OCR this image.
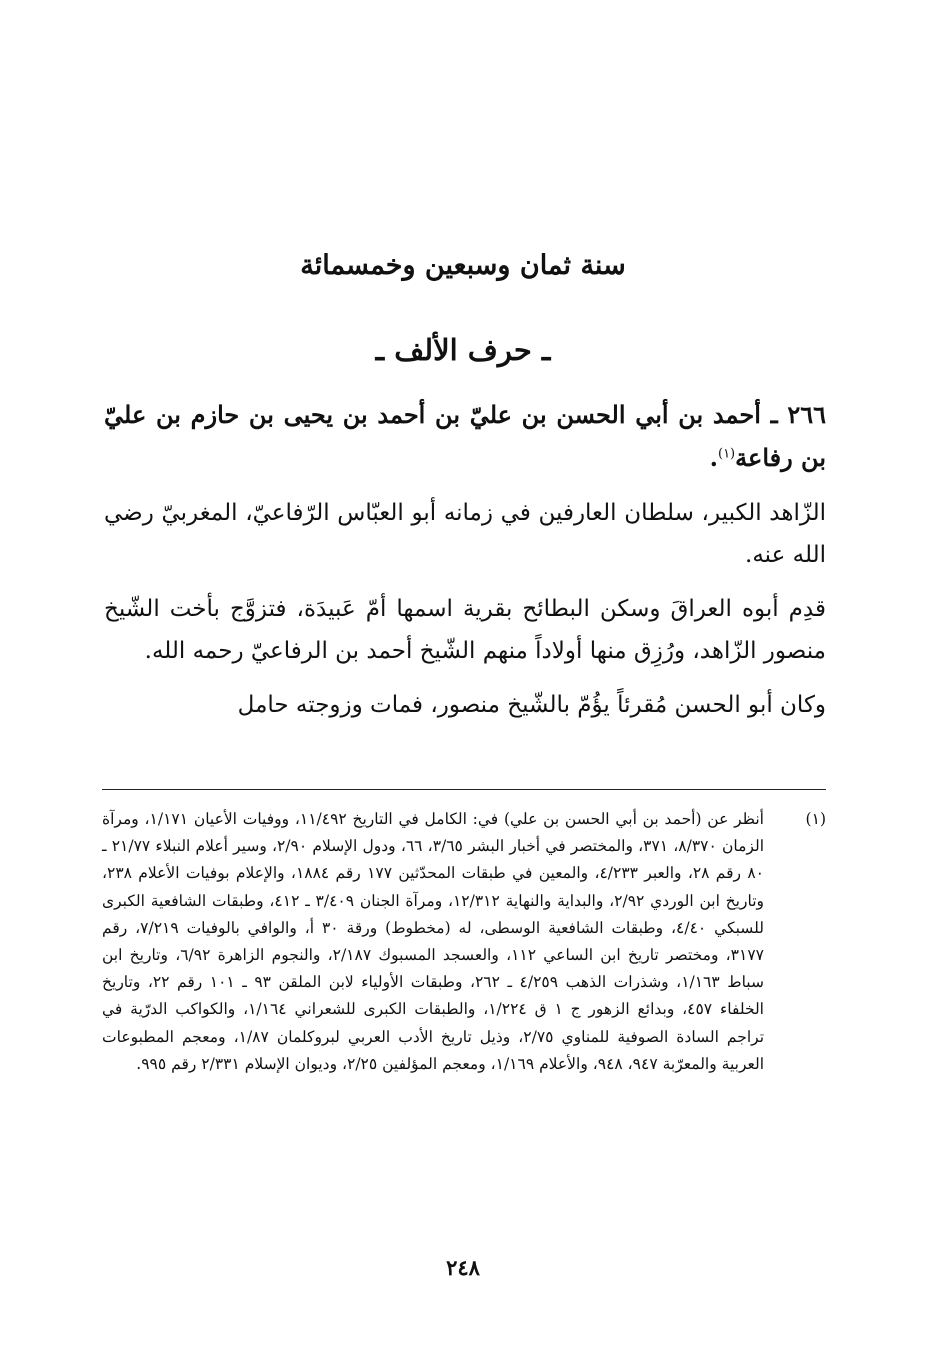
سنة ثمان وسبعين وخمسمائة
ـ حرف الألف ـ

٢٦٦ ـ أحمد بن أبي الحسن بن عليّ بن أحمد بن يحيى بن حازم بن عليّ بن رفاعة$^{(١)}$.

الزّاهد الكبير، سلطان العارفين في زمانه أبو العبّاس الرّفاعيّ، المغربيّ رضي الله عنه.

قدِم أبوه العراقَ وسكن البطائح بقرية اسمها أمّ عَبيدَة، فتزوَّج بأخت الشّيخ منصور الزّاهد، ورُزِق منها أولاداً منهم الشّيخ أحمد بن الرفاعيّ رحمه الله.

وكان أبو الحسن مُقرئاً يؤُمّ بالشّيخ منصور، فمات وزوجته حامل

(١)
أنظر عن (أحمد بن أبي الحسن بن علي) في: الكامل في التاريخ ١١/٤٩٢، ووفيات الأعيان ١/١٧١، ومرآة الزمان ٨/٣٧٠، ٣٧١، والمختصر في أخبار البشر ٣/٦٥، ٦٦، ودول الإسلام ٢/٩٠، وسير أعلام النبلاء ٢١/٧٧ ـ ٨٠ رقم ٢٨، والعبر ٤/٢٣٣، والمعين في طبقات المحدّثين ١٧٧ رقم ١٨٨٤، والإعلام بوفيات الأعلام ٢٣٨، وتاريخ ابن الوردي ٢/٩٢، والبداية والنهاية ١٢/٣١٢، ومرآة الجنان ٣/٤٠٩ ـ ٤١٢، وطبقات الشافعية الكبرى للسبكي ٤/٤٠، وطبقات الشافعية الوسطى، له (مخطوط) ورقة ٣٠ أ، والوافي بالوفيات ٧/٢١٩، رقم ٣١٧٧، ومختصر تاريخ ابن الساعي ١١٢، والعسجد المسبوك ٢/١٨٧، والنجوم الزاهرة ٦/٩٢، وتاريخ ابن سباط ١/١٦٣، وشذرات الذهب ٤/٢٥٩ ـ ٢٦٢، وطبقات الأولياء لابن الملقن ٩٣ ـ ١٠١ رقم ٢٢، وتاريخ الخلفاء ٤٥٧، وبدائع الزهور ج ١ ق ١/٢٢٤، والطبقات الكبرى للشعراني ١/١٦٤، والكواكب الدرّية في تراجم السادة الصوفية للمناوي ٢/٧٥، وذيل تاريخ الأدب العربي لبروكلمان ١/٨٧، ومعجم المطبوعات العربية والمعرّبة ٩٤٧، ٩٤٨، والأعلام ١/١٦٩، ومعجم المؤلفين ٢/٢٥، وديوان الإسلام ٢/٣٣١ رقم ٩٩٥.
٢٤٨
